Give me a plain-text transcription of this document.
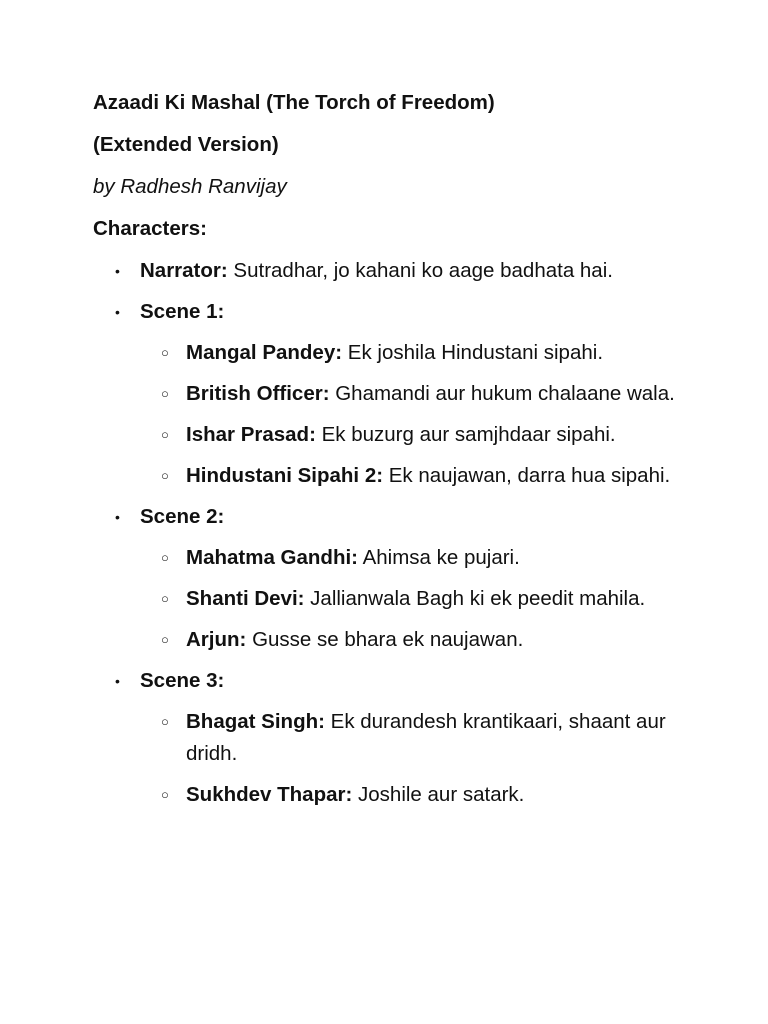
Azaadi Ki Mashal (The Torch of Freedom)

(Extended Version)

by Radhesh Ranvijay

Characters:

• Narrator: Sutradhar, jo kahani ko aage badhata hai.
• Scene 1:
○ Mangal Pandey: Ek joshila Hindustani sipahi.
○ British Officer: Ghamandi aur hukum chalaane wala.
○ Ishar Prasad: Ek buzurg aur samjhdaar sipahi.
○ Hindustani Sipahi 2: Ek naujawan, darra hua sipahi.
• Scene 2:
○ Mahatma Gandhi: Ahimsa ke pujari.
○ Shanti Devi: Jallianwala Bagh ki ek peedit mahila.
○ Arjun: Gusse se bhara ek naujawan.
• Scene 3:
○ Bhagat Singh: Ek durandesh krantikaari, shaant aur dridh.
○ Sukhdev Thapar: Joshile aur satark.
